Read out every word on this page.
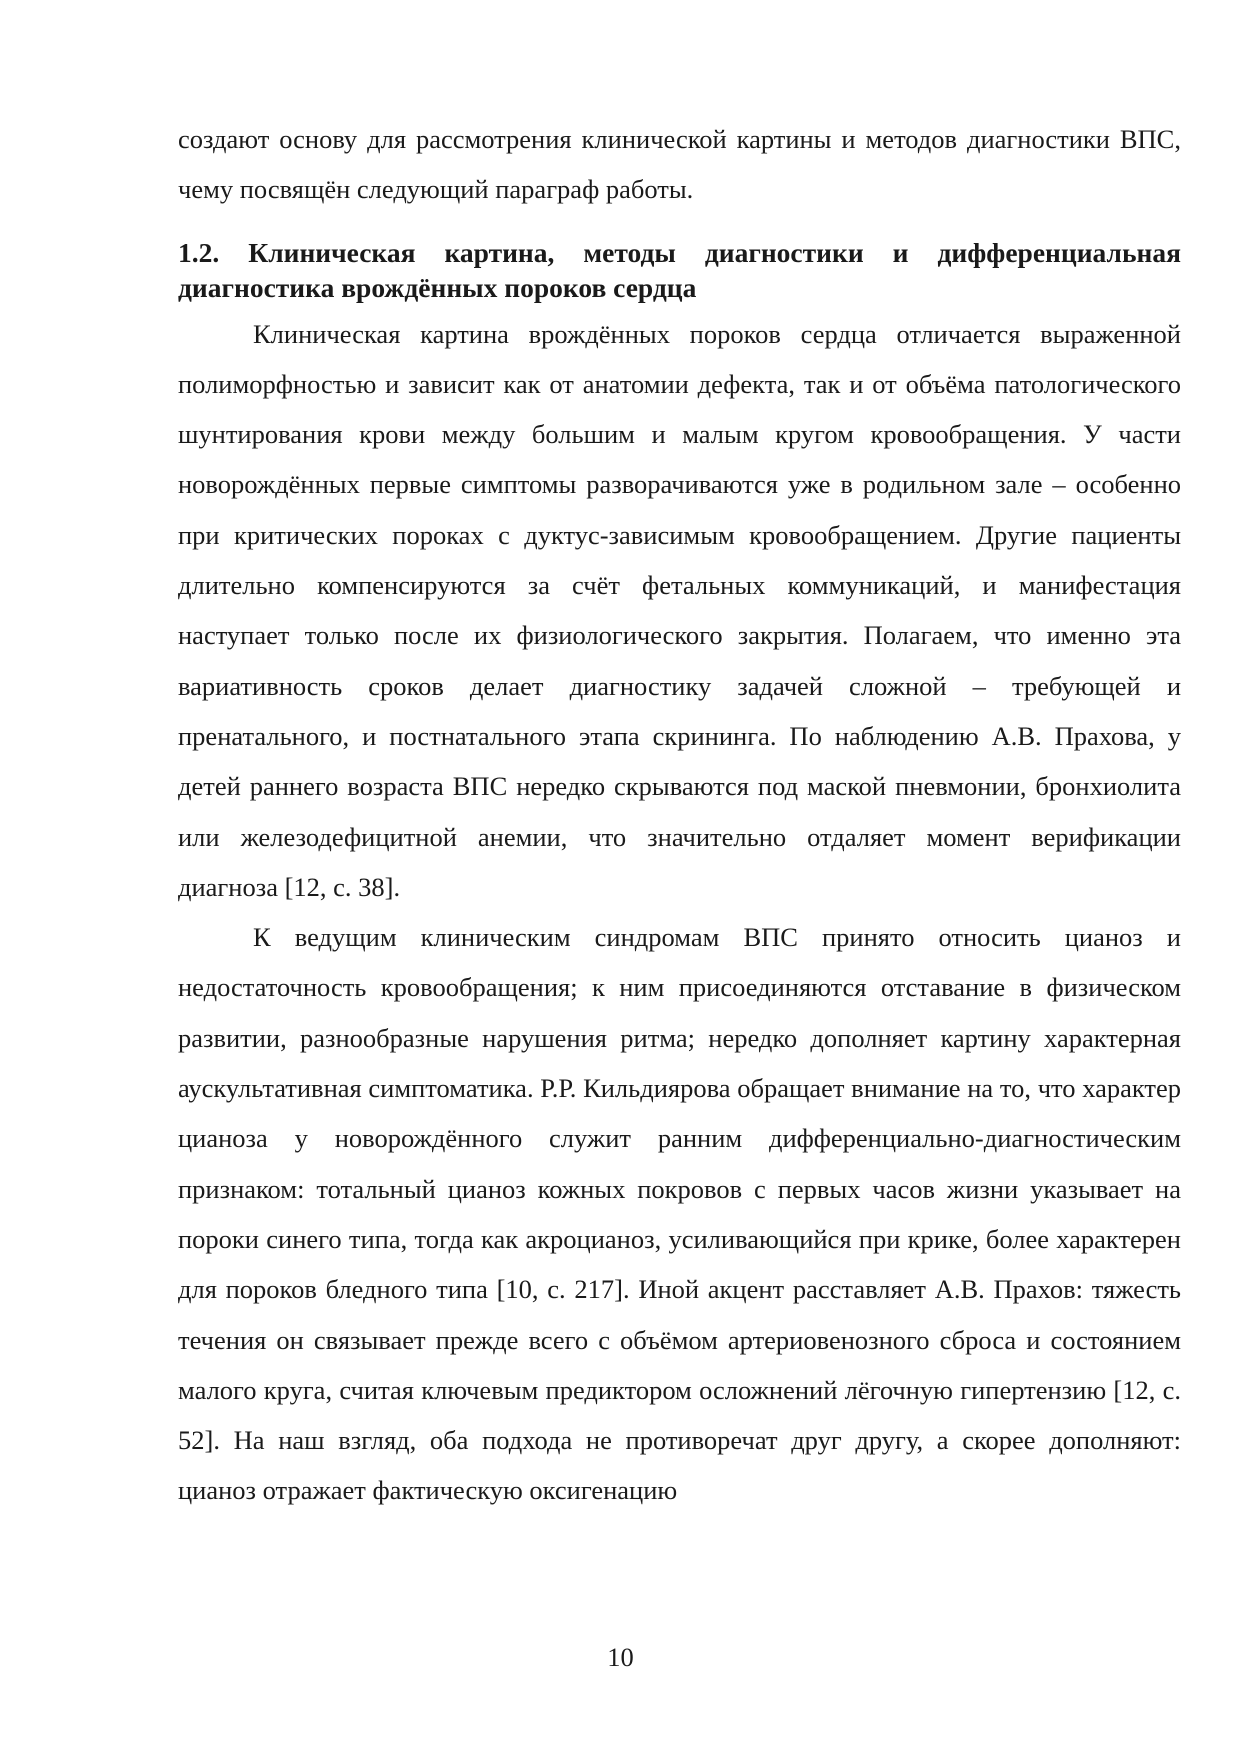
создают основу для рассмотрения клинической картины и методов диагностики ВПС, чему посвящён следующий параграф работы.

1.2. Клиническая картина, методы диагностики и дифференциальная диагностика врождённых пороков сердца

Клиническая картина врождённых пороков сердца отличается выраженной полиморфностью и зависит как от анатомии дефекта, так и от объёма патологического шунтирования крови между большим и малым кругом кровообращения. У части новорождённых первые симптомы разворачиваются уже в родильном зале – особенно при критических пороках с дуктус-зависимым кровообращением. Другие пациенты длительно компенсируются за счёт фетальных коммуникаций, и манифестация наступает только после их физиологического закрытия. Полагаем, что именно эта вариативность сроков делает диагностику задачей сложной – требующей и пренатального, и постнатального этапа скрининга. По наблюдению А.В. Прахова, у детей раннего возраста ВПС нередко скрываются под маской пневмонии, бронхиолита или железодефицитной анемии, что значительно отдаляет момент верификации диагноза [12, с. 38].

К ведущим клиническим синдромам ВПС принято относить цианоз и недостаточность кровообращения; к ним присоединяются отставание в физическом развитии, разнообразные нарушения ритма; нередко дополняет картину характерная аускультативная симптоматика. Р.Р. Кильдиярова обращает внимание на то, что характер цианоза у новорождённого служит ранним дифференциально-диагностическим признаком: тотальный цианоз кожных покровов с первых часов жизни указывает на пороки синего типа, тогда как акроцианоз, усиливающийся при крике, более характерен для пороков бледного типа [10, с. 217]. Иной акцент расставляет А.В. Прахов: тяжесть течения он связывает прежде всего с объёмом артериовенозного сброса и состоянием малого круга, считая ключевым предиктором осложнений лёгочную гипертензию [12, с. 52]. На наш взгляд, оба подхода не противоречат друг другу, а скорее дополняют: цианоз отражает фактическую оксигенацию

10
